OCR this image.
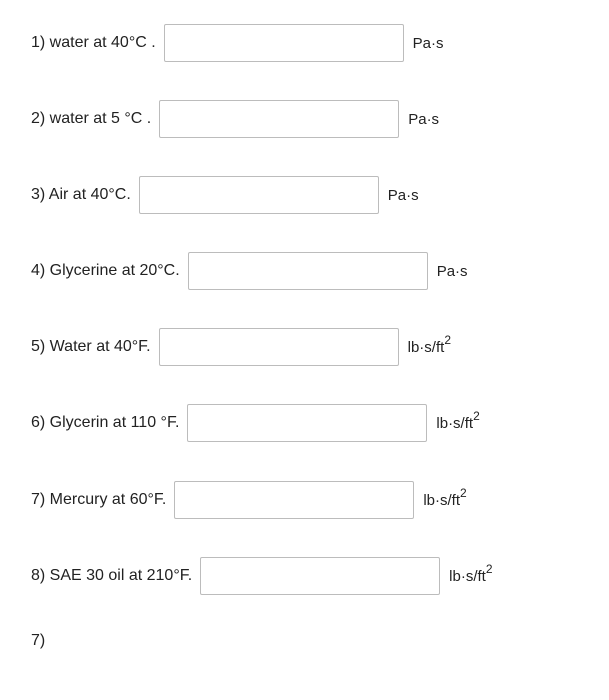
1) water at 40°C .	Pa·s
2) water at 5 °C .	Pa·s
3) Air at 40°C.	Pa·s
4) Glycerine at 20°C.	Pa·s
5) Water at 40°F.	$lb\cdot s/ft^2$
6) Glycerin at 110 °F.	$lb\cdot s/ft^2$
7) Mercury at 60°F.	$lb\cdot s/ft^2$
8) SAE 30 oil at 210°F.	$lb\cdot s/ft^2$
7)
